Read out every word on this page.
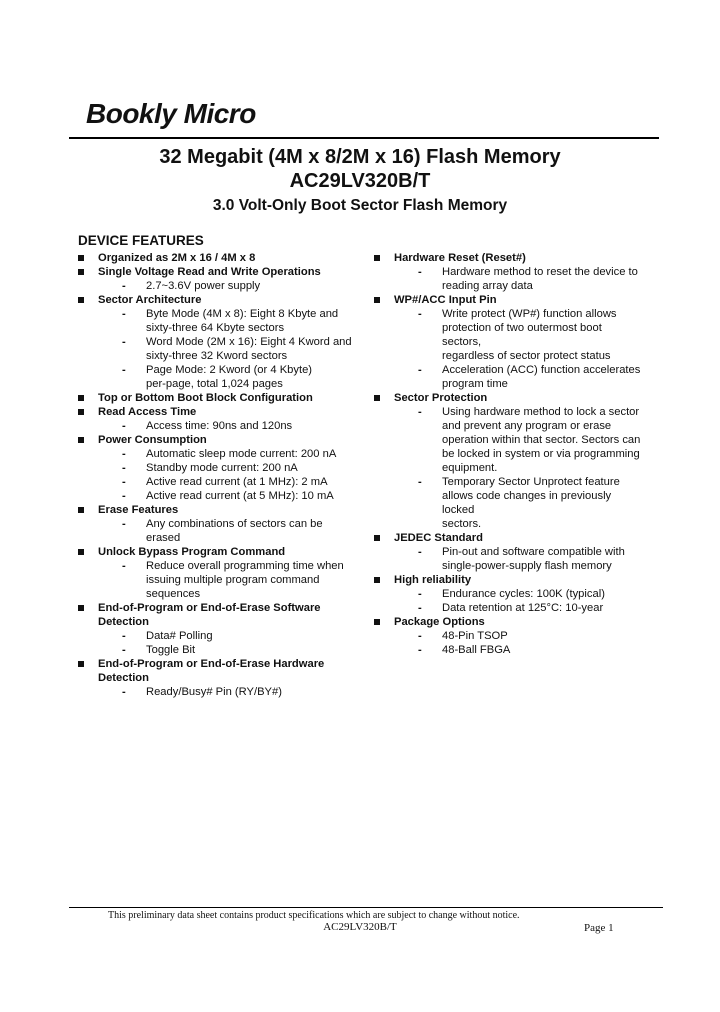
Bookly Micro
32 Megabit (4M x 8/2M x 16) Flash Memory
AC29LV320B/T
3.0 Volt-Only Boot Sector Flash Memory
DEVICE FEATURES
Organized as 2M x 16 / 4M x 8
Single Voltage Read and Write Operations
- 2.7~3.6V power supply
Sector Architecture
- Byte Mode (4M x 8): Eight 8 Kbyte and
sixty-three 64 Kbyte sectors
- Word Mode (2M x 16): Eight 4 Kword and
sixty-three 32 Kword sectors
- Page Mode: 2 Kword (or 4 Kbyte)
per-page, total 1,024 pages
Top or Bottom Boot Block Configuration
Read Access Time
- Access time: 90ns and 120ns
Power Consumption
- Automatic sleep mode current: 200 nA
- Standby mode current: 200 nA
- Active read current (at 1 MHz): 2 mA
- Active read current (at 5 MHz): 10 mA
Erase Features
- Any combinations of sectors can be
erased
Unlock Bypass Program Command
- Reduce overall programming time when
issuing multiple program command
sequences
End-of-Program or End-of-Erase Software
Detection
- Data# Polling
- Toggle Bit
End-of-Program or End-of-Erase Hardware
Detection
- Ready/Busy# Pin (RY/BY#)
Hardware Reset (Reset#)
- Hardware method to reset the device to
reading array data
WP#/ACC Input Pin
- Write protect (WP#) function allows
protection of two outermost boot sectors,
regardless of sector protect status
- Acceleration (ACC) function accelerates
program time
Sector Protection
- Using hardware method to lock a sector
and prevent any program or erase
operation within that sector. Sectors can
be locked in system or via programming
equipment.
- Temporary Sector Unprotect feature
allows code changes in previously locked
sectors.
JEDEC Standard
- Pin-out and software compatible with
single-power-supply flash memory
High reliability
- Endurance cycles: 100K (typical)
- Data retention at 125°C: 10-year
Package Options
- 48-Pin TSOP
- 48-Ball FBGA
This preliminary data sheet contains product specifications which are subject to change without notice.
AC29LV320B/T	Page 1
